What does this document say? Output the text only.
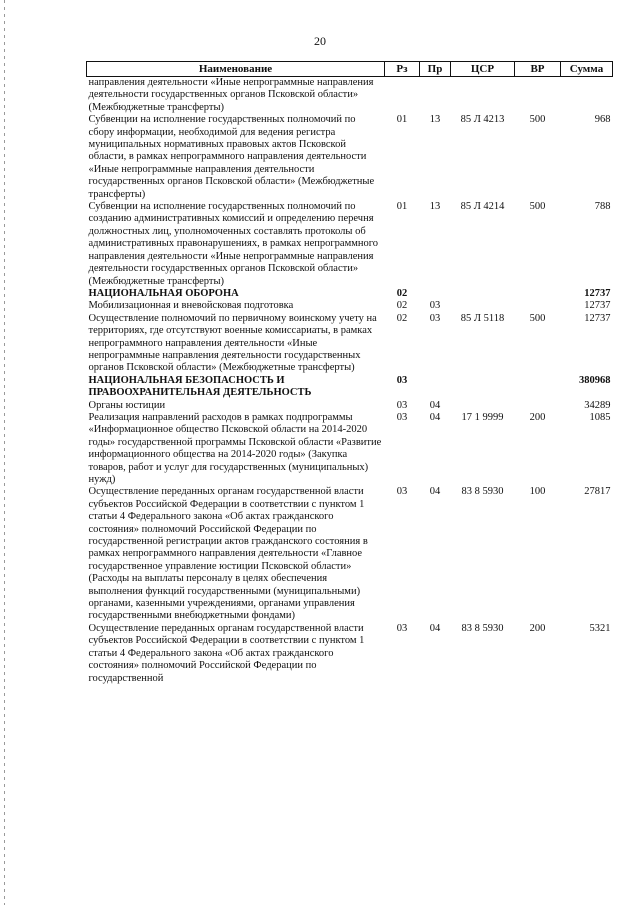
20
Наименование	Рз	Пр	ЦСР	ВР	Сумма
направления деятельности «Иные непрограммные направления деятельности государственных органов Псковской области» (Межбюджетные трансферты)					
Субвенции на исполнение государственных полномочий по сбору информации, необходимой для ведения регистра муниципальных нормативных правовых актов Псковской области, в рамках непрограммного направления деятельности «Иные непрограммные направления деятельности государственных органов Псковской области» (Межбюджетные трансферты)	01	13	85 Л 4213	500	968
Субвенции на исполнение государственных полномочий по созданию административных комиссий и определению перечня должностных лиц, уполномоченных составлять протоколы об административных правонарушениях, в рамках непрограммного направления деятельности «Иные непрограммные направления деятельности государственных органов Псковской области» (Межбюджетные трансферты)	01	13	85 Л 4214	500	788
НАЦИОНАЛЬНАЯ ОБОРОНА	02				12737
Мобилизационная и вневойсковая подготовка	02	03			12737
Осуществление полномочий по первичному воинскому учету на территориях, где отсутствуют военные комиссариаты, в рамках непрограммного направления деятельности «Иные непрограммные направления деятельности государственных органов Псковской области» (Межбюджетные трансферты)	02	03	85 Л 5118	500	12737
НАЦИОНАЛЬНАЯ БЕЗОПАСНОСТЬ И ПРАВООХРАНИТЕЛЬНАЯ ДЕЯТЕЛЬНОСТЬ	03				380968
Органы юстиции	03	04			34289
Реализация направлений расходов в рамках подпрограммы «Информационное общество Псковской области на 2014-2020 годы» государственной программы Псковской области «Развитие информационного общества на 2014-2020 годы» (Закупка товаров, работ и услуг для государственных (муниципальных) нужд)	03	04	17 1 9999	200	1085
Осуществление переданных органам государственной власти субъектов Российской Федерации в соответствии с пунктом 1 статьи 4 Федерального закона «Об актах гражданского состояния» полномочий Российской Федерации по государственной регистрации актов гражданского состояния в рамках непрограммного направления деятельности «Главное государственное управление юстиции Псковской области» (Расходы на выплаты персоналу в целях обеспечения выполнения функций государственными (муниципальными) органами, казенными учреждениями, органами управления государственными внебюджетными фондами)	03	04	83 8 5930	100	27817
Осуществление переданных органам государственной власти субъектов Российской Федерации в соответствии с пунктом 1 статьи 4 Федерального закона «Об актах гражданского состояния» полномочий Российской Федерации по государственной	03	04	83 8 5930	200	5321
